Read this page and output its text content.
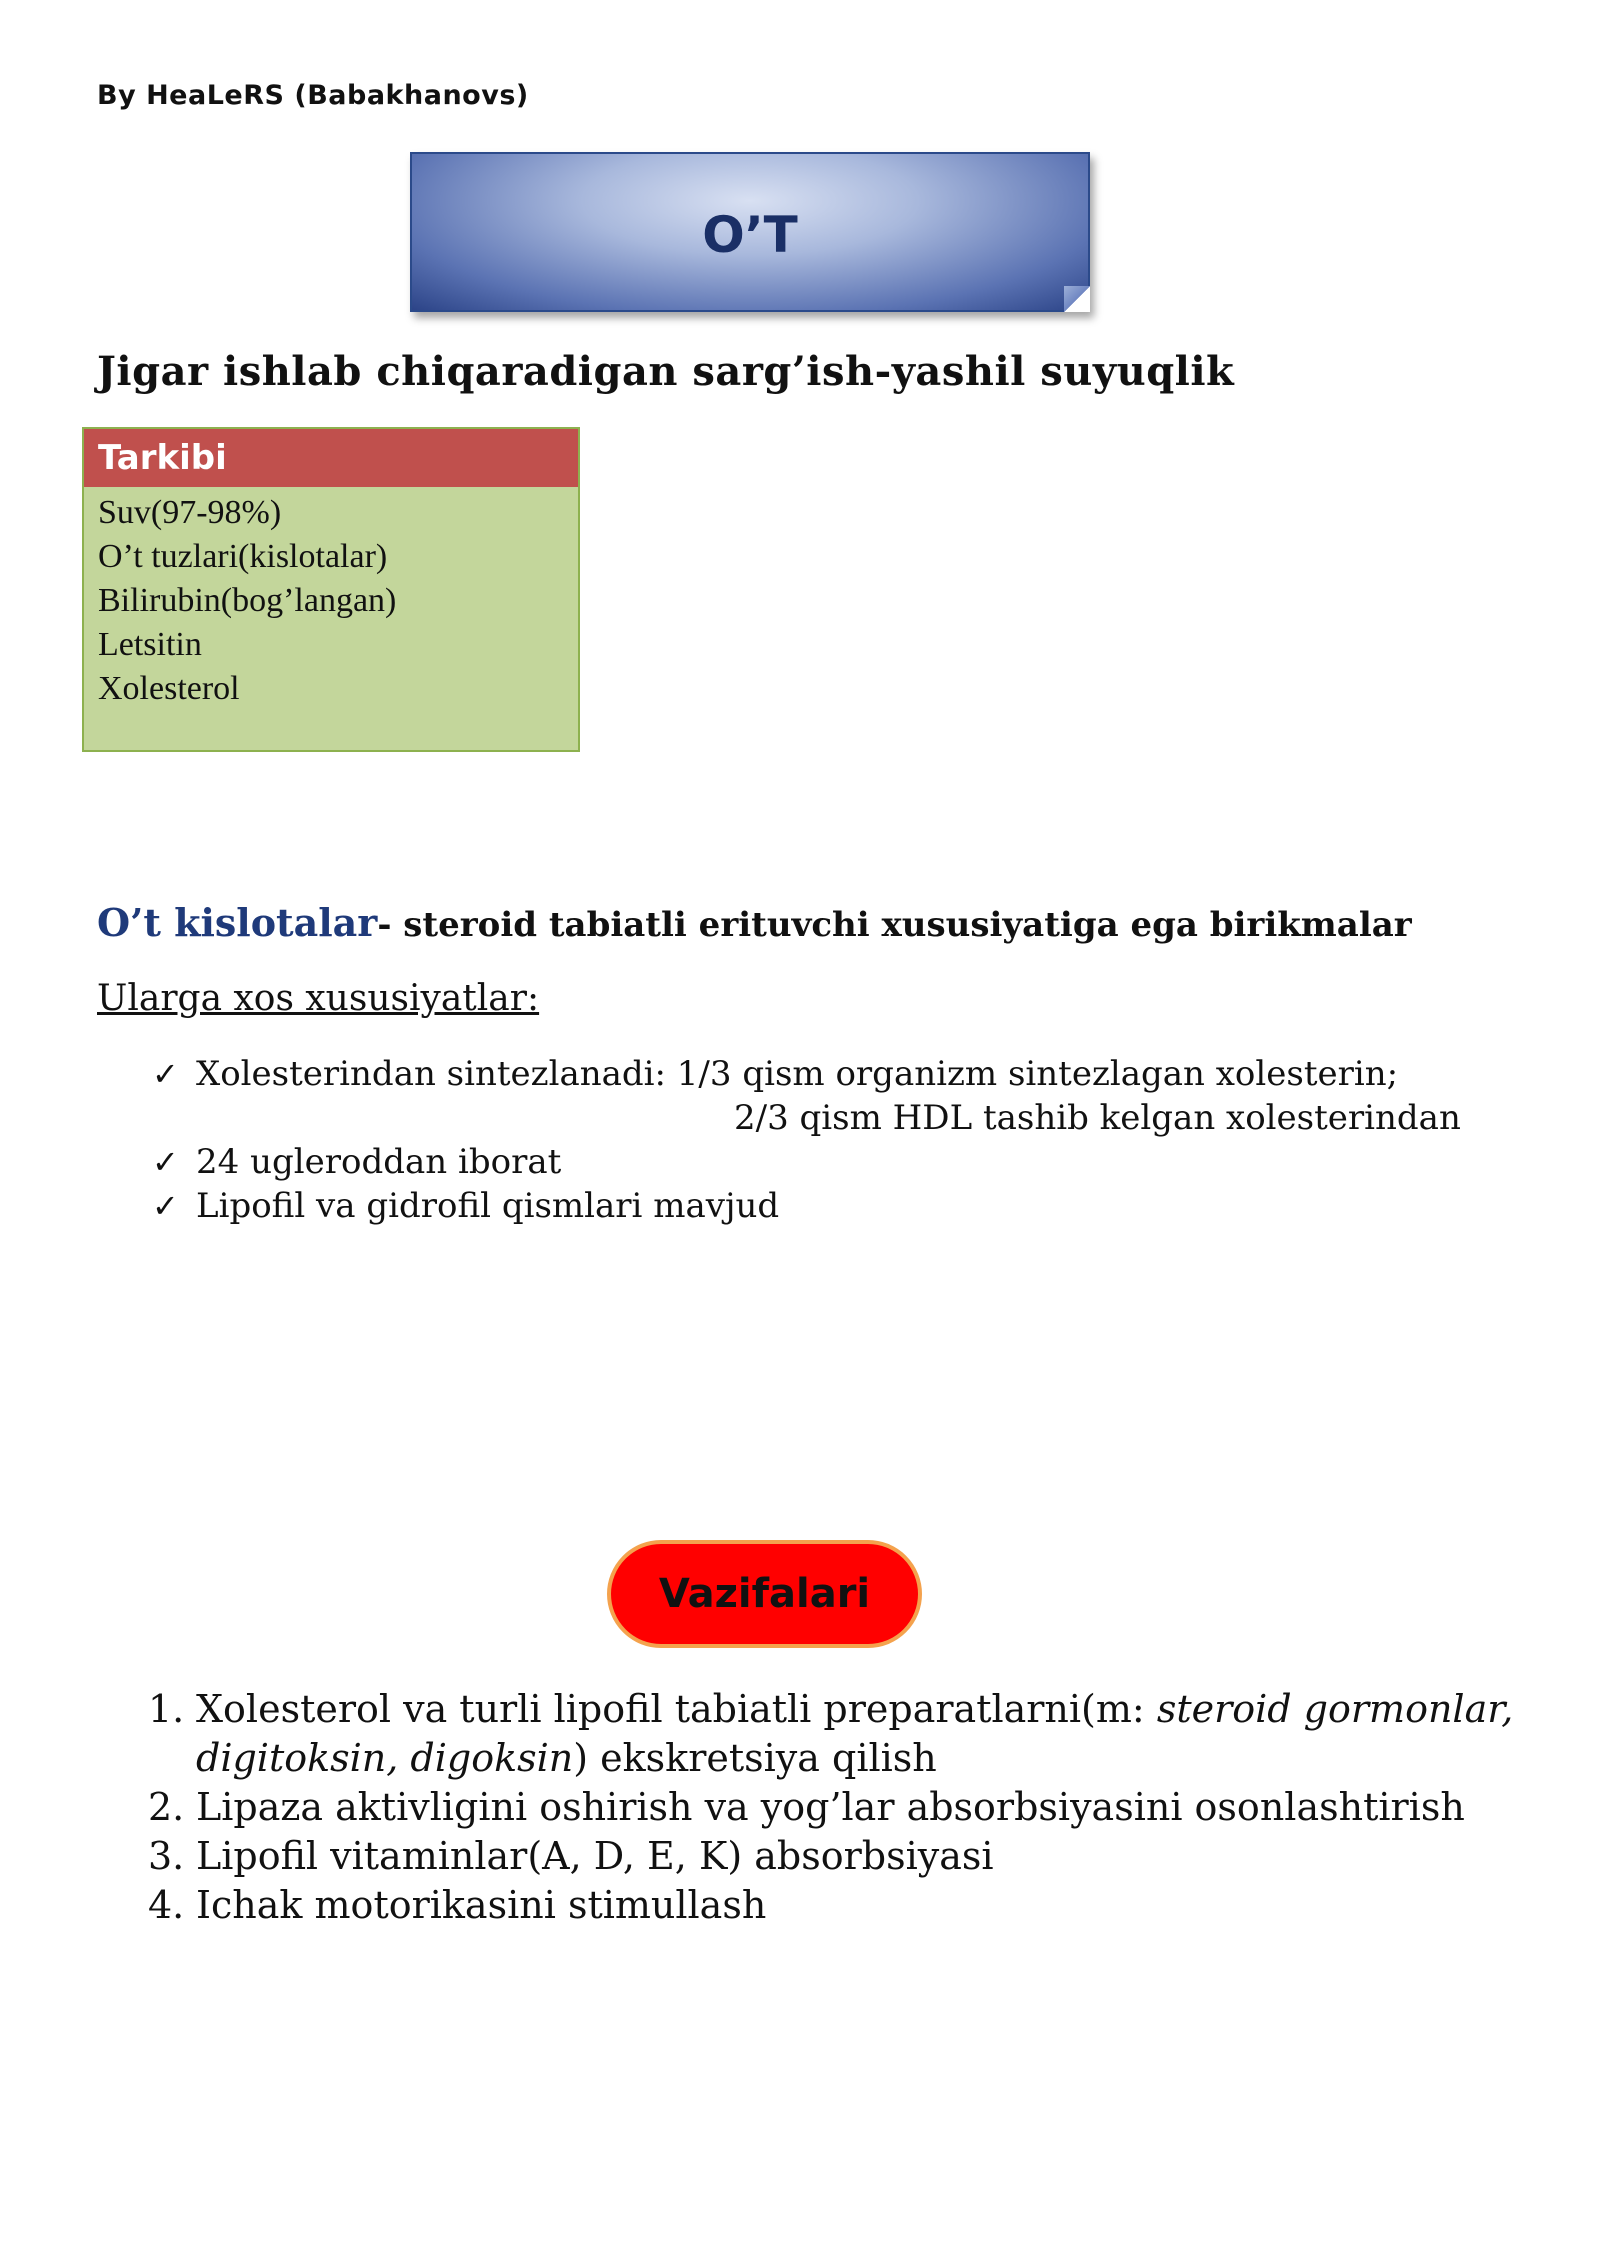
By HeaLeRS (Babakhanovs)
O’T
Jigar ishlab chiqaradigan sarg’ish-yashil suyuqlik
Tarkibi
Suv(97-98%)
O’t tuzlari(kislotalar)
Bilirubin(bog’langan)
Letsitin
Xolesterol
O’t kislotalar- steroid tabiatli erituvchi xususiyatiga ega birikmalar
Ularga xos xususiyatlar:
✓ Xolesterindan sintezlanadi: 1/3 qism organizm sintezlagan xolesterin;
2/3 qism HDL tashib kelgan xolesterindan
✓ 24 ugleroddan iborat
✓ Lipofil va gidrofil qismlari mavjud
Vazifalari
1. Xolesterol va turli lipofil tabiatli preparatlarni(m: steroid gormonlar, digitoksin, digoksin) ekskretsiya qilish
2. Lipaza aktivligini oshirish va yog’lar absorbsiyasini osonlashtirish
3. Lipofil vitaminlar(A, D, E, K) absorbsiyasi
4. Ichak motorikasini stimullash
